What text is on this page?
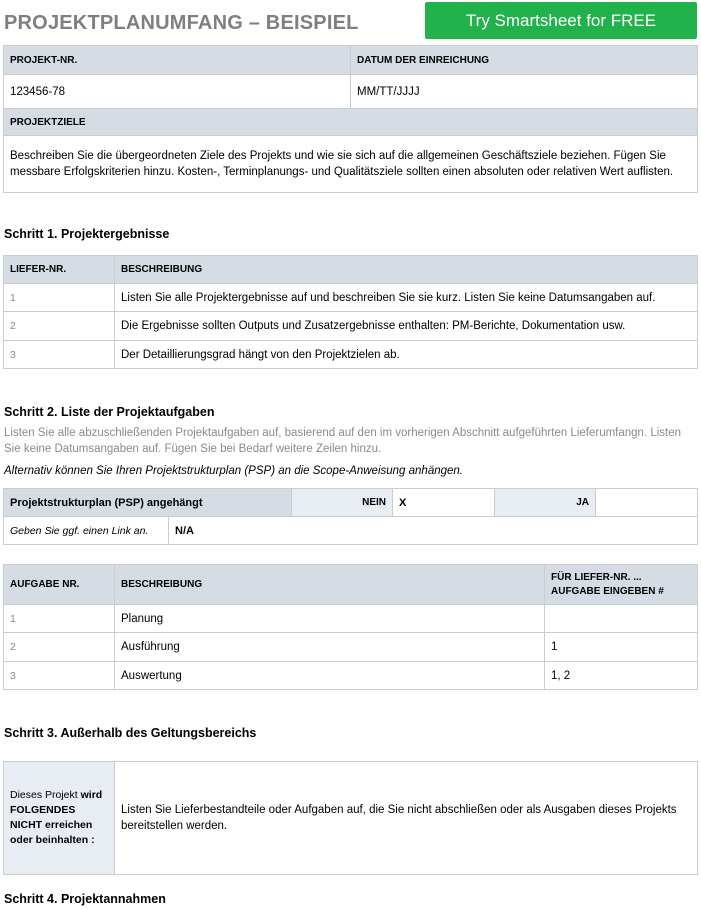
PROJEKTPLANUMFANG – BEISPIEL	Try Smartsheet for FREE
PROJEKT-NR.	DATUM DER EINREICHUNG
123456-78	MM/TT/JJJJ
PROJEKTZIELE	
Beschreiben Sie die übergeordneten Ziele des Projekts und wie sie sich auf die allgemeinen Geschäftsziele beziehen. Fügen Sie messbare Erfolgskriterien hinzu. Kosten-, Terminplanungs- und Qualitätsziele sollten einen absoluten oder relativen Wert auflisten.	
Schritt 1. Projektergebnisse
LIEFER-NR.	BESCHREIBUNG
1	Listen Sie alle Projektergebnisse auf und beschreiben Sie sie kurz. Listen Sie keine Datumsangaben auf.
2	Die Ergebnisse sollten Outputs und Zusatzergebnisse enthalten: PM-Berichte, Dokumentation usw.
3	Der Detaillierungsgrad hängt von den Projektzielen ab.
Schritt 2. Liste der Projektaufgaben
Listen Sie alle abzuschließenden Projektaufgaben auf, basierend auf den im vorherigen Abschnitt aufgeführten Lieferumfangn. Listen Sie keine Datumsangaben auf. Fügen Sie bei Bedarf weitere Zeilen hinzu.
Alternativ können Sie Ihren Projektstrukturplan (PSP) an die Scope-Anweisung anhängen.
Projektstrukturplan (PSP) angehängt		NEIN	X	JA	
Geben Sie ggf. einen Link an.	N/A				
AUFGABE NR.	BESCHREIBUNG	FÜR LIEFER-NR. ...
AUFGABE EINGEBEN #
1	Planung	
2	Ausführung	1
3	Auswertung	1, 2
Schritt 3. Außerhalb des Geltungsbereichs
Dieses Projekt wird FOLGENDES NICHT erreichen oder beinhalten :	Listen Sie Lieferbestandteile oder Aufgaben auf, die Sie nicht abschließen oder als Ausgaben dieses Projekts bereitstellen werden.
Schritt 4. Projektannahmen
